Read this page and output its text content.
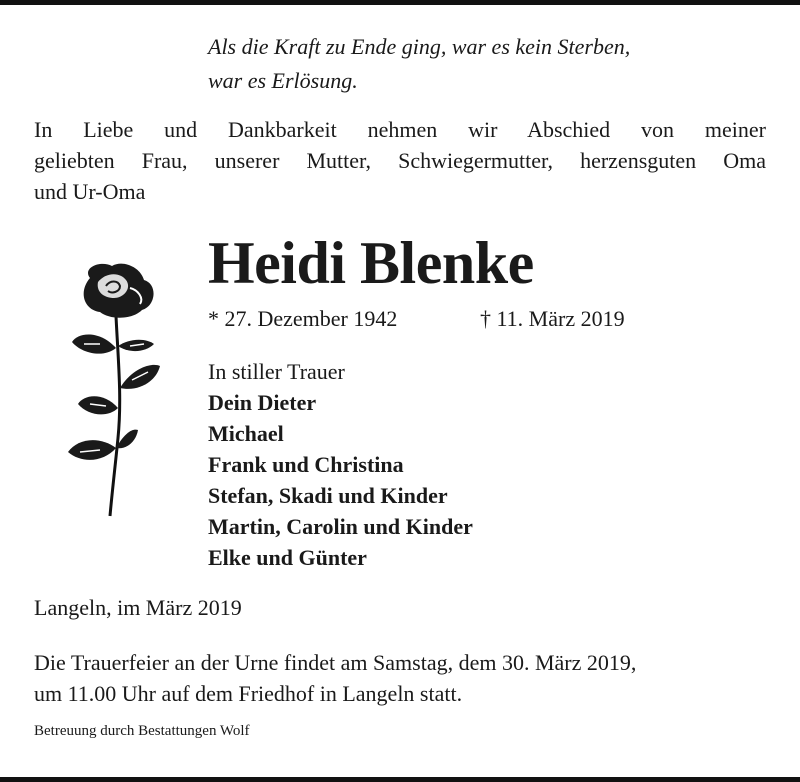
Als die Kraft zu Ende ging, war es kein Sterben,
war es Erlösung.
In Liebe und Dankbarkeit nehmen wir Abschied von meiner
geliebten Frau, unserer Mutter, Schwiegermutter, herzensguten Oma
und Ur-Oma
Heidi Blenke
* 27. Dezember 1942	† 11. März 2019
In stiller Trauer
Dein Dieter
Michael
Frank und Christina
Stefan, Skadi und Kinder
Martin, Carolin und Kinder
Elke und Günter
Langeln, im März 2019
Die Trauerfeier an der Urne findet am Samstag, dem 30. März 2019,
um 11.00 Uhr auf dem Friedhof in Langeln statt.
Betreuung durch Bestattungen Wolf
